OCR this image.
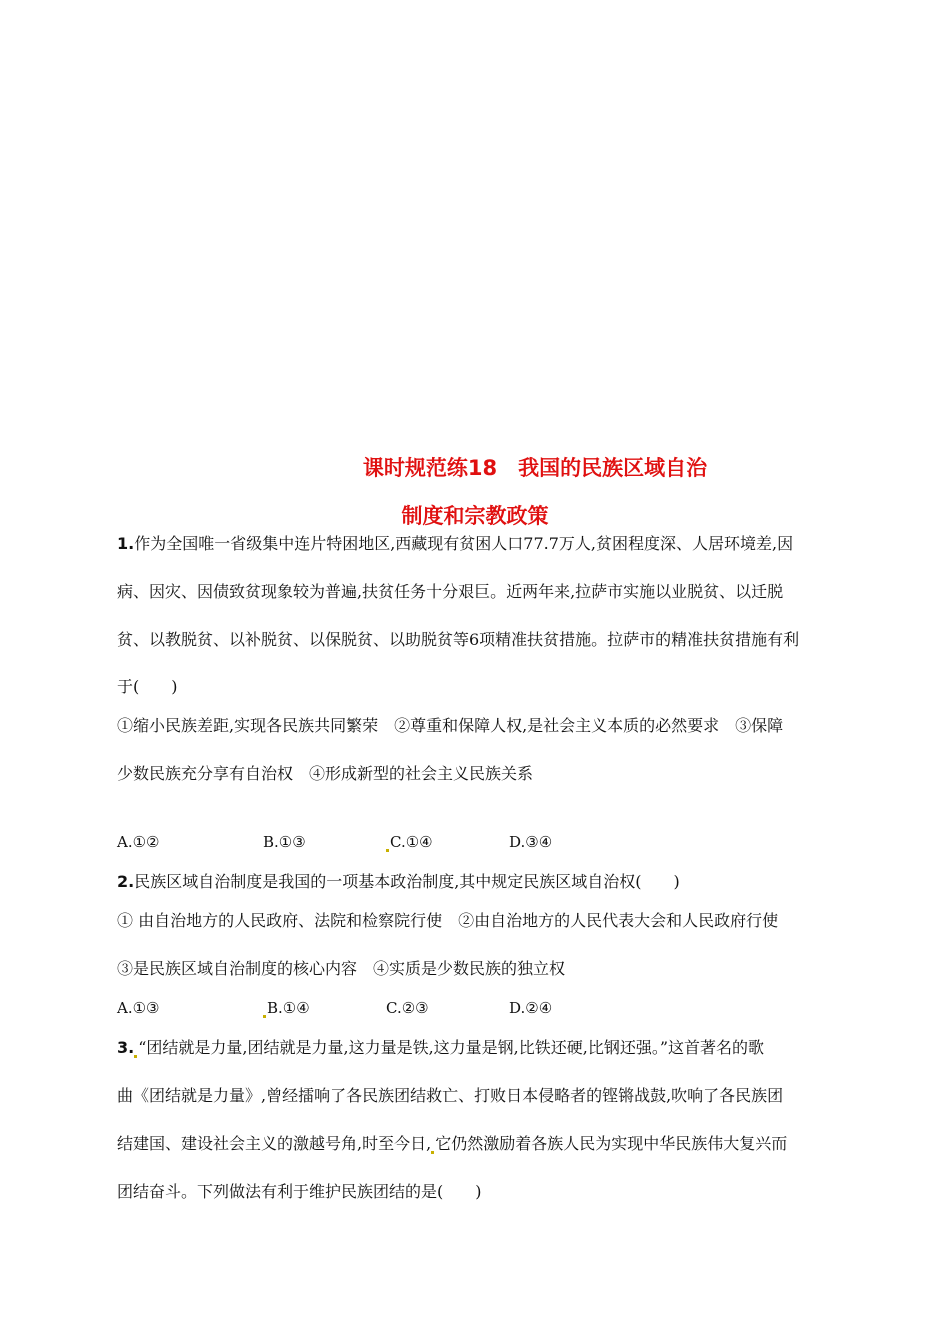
课时规范练18　我国的民族区域自治
制度和宗教政策
1.作为全国唯一省级集中连片特困地区,西藏现有贫困人口77.7万人,贫困程度深、人居环境差,因
病、因灾、因债致贫现象较为普遍,扶贫任务十分艰巨。近两年来,拉萨市实施以业脱贫、以迁脱
贫、以教脱贫、以补脱贫、以保脱贫、以助脱贫等6项精准扶贫措施。拉萨市的精准扶贫措施有利
于(　　)
①缩小民族差距,实现各民族共同繁荣　②尊重和保障人权,是社会主义本质的必然要求　③保障
少数民族充分享有自治权　④形成新型的社会主义民族关系
A.①②	B.①③	C.①④	D.③④
2.民族区域自治制度是我国的一项基本政治制度,其中规定民族区域自治权(　　)
① 由自治地方的人民政府、法院和检察院行使　②由自治地方的人民代表大会和人民政府行使
③是民族区域自治制度的核心内容　④实质是少数民族的独立权
A.①③	B.①④	C.②③	D.②④
3. “团结就是力量,团结就是力量,这力量是铁,这力量是钢,比铁还硬,比钢还强。”这首著名的歌
曲《团结就是力量》,曾经擂响了各民族团结救亡、打败日本侵略者的铿锵战鼓,吹响了各民族团
结建国、建设社会主义的激越号角,时至今日, 它仍然激励着各族人民为实现中华民族伟大复兴而
团结奋斗。下列做法有利于维护民族团结的是(　　)
